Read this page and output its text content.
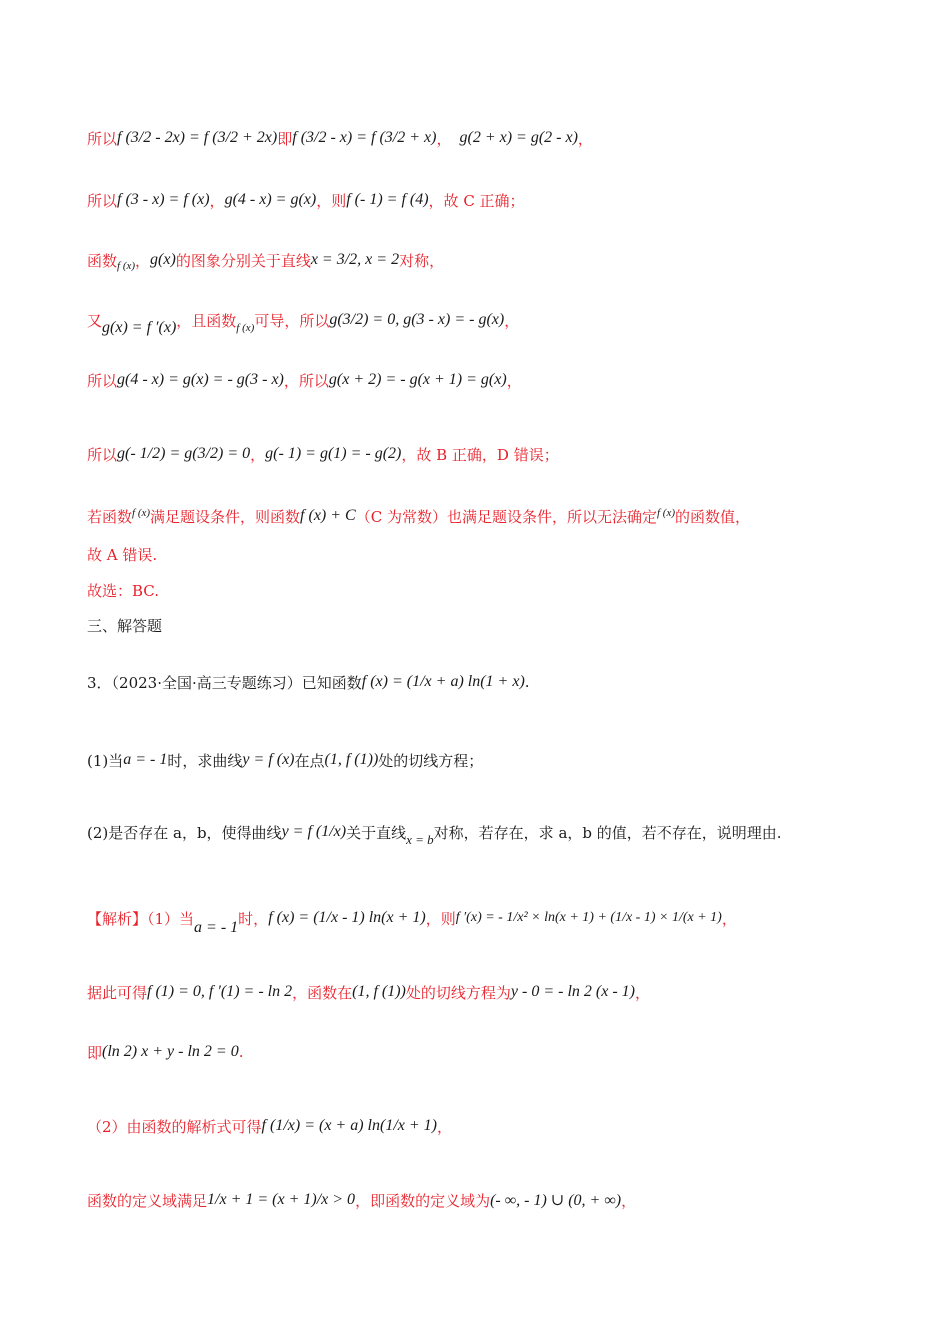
所以 f (3/2 - 2x) = f (3/2 + 2x) 即 f (3/2 - x) = f (3/2 + x) ， g(2 + x) = g(2 - x) ，
所以 f (3 - x) = f (x) ， g(4 - x) = g(x) ，则 f (- 1) = f (4) ，故 C 正确；
函数 f (x) ， g(x) 的图象分别关于直线 x = 3/2, x = 2 对称，
又 g(x) = f ′(x) ，且函数 f (x) 可导，所以 g(3/2) = 0, g(3 - x) = - g(x) ，
所以 g(4 - x) = g(x) = - g(3 - x) ，所以 g(x + 2) = - g(x + 1) = g(x) ，
所以 g(- 1/2) = g(3/2) = 0 ， g(- 1) = g(1) = - g(2) ，故 B 正确，D 错误；
若函数 f (x) 满足题设条件，则函数 f (x) + C （C 为常数）也满足题设条件，所以无法确定 f (x) 的函数值，
故 A 错误.
故选：BC.
三、解答题
3．（2023·全国·高三专题练习）已知函数 f (x) = (1/x + a) ln(1 + x) .
(1)当 a = - 1 时，求曲线 y = f (x) 在点 (1, f (1)) 处的切线方程；
(2)是否存在 a，b，使得曲线 y = f (1/x) 关于直线 x = b 对称，若存在，求 a，b 的值，若不存在，说明理由.
【解析】（1）当 a = - 1 时， f (x) = (1/x - 1) ln(x + 1) ，则 f ′(x) = - 1/x² × ln(x + 1) + (1/x - 1) × 1/(x + 1) ，
据此可得 f (1) = 0, f ′(1) = - ln 2 ，函数在 (1, f (1)) 处的切线方程为 y - 0 = - ln 2 (x - 1) ，
即 (ln 2) x + y - ln 2 = 0 .
（2）由函数的解析式可得 f (1/x) = (x + a) ln(1/x + 1) ，
函数的定义域满足 1/x + 1 = (x + 1)/x > 0 ，即函数的定义域为 (- ∞, - 1) ∪ (0, + ∞) ，
